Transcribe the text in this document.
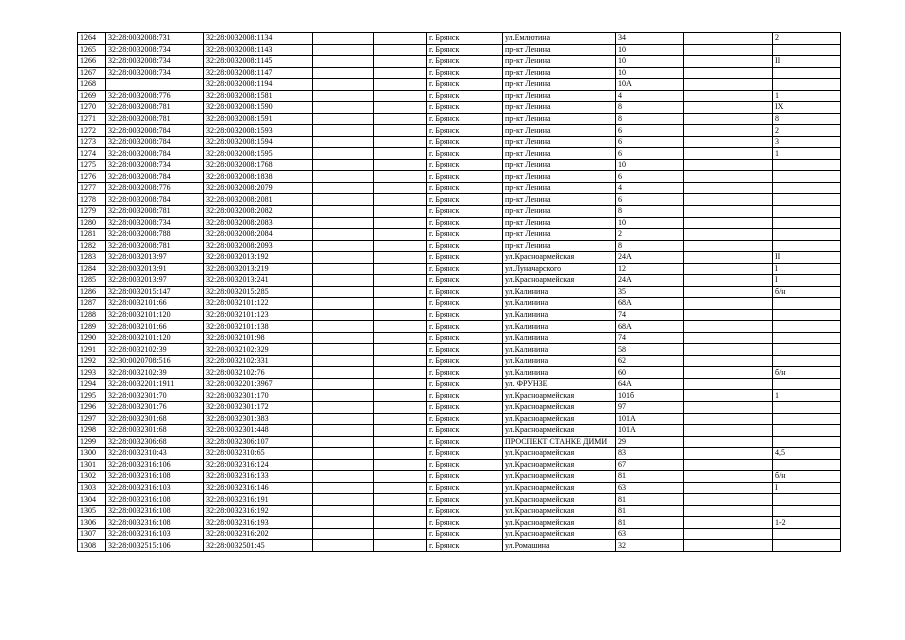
1264	32:28:0032008:731	32:28:0032008:1134			г. Брянск	ул.Емлютина	34		2
1265	32:28:0032008:734	32:28:0032008:1143			г. Брянск	пр-кт Ленина	10		
1266	32:28:0032008:734	32:28:0032008:1145			г. Брянск	пр-кт Ленина	10		II
1267	32:28:0032008:734	32:28:0032008:1147			г. Брянск	пр-кт Ленина	10		
1268		32:28:0032008:1194			г. Брянск	пр-кт Ленина	10А		
1269	32:28:0032008:776	32:28:0032008:1581			г. Брянск	пр-кт Ленина	4		1
1270	32:28:0032008:781	32:28:0032008:1590			г. Брянск	пр-кт Ленина	8		IX
1271	32:28:0032008:781	32:28:0032008:1591			г. Брянск	пр-кт Ленина	8		8
1272	32:28:0032008:784	32:28:0032008:1593			г. Брянск	пр-кт Ленина	6		2
1273	32:28:0032008:784	32:28:0032008:1594			г. Брянск	пр-кт Ленина	6		3
1274	32:28:0032008:784	32:28:0032008:1595			г. Брянск	пр-кт Ленина	6		1
1275	32:28:0032008:734	32:28:0032008:1768			г. Брянск	пр-кт Ленина	10		
1276	32:28:0032008:784	32:28:0032008:1838			г. Брянск	пр-кт Ленина	6		
1277	32:28:0032008:776	32:28:0032008:2079			г. Брянск	пр-кт Ленина	4		
1278	32:28:0032008:784	32:28:0032008:2081			г. Брянск	пр-кт Ленина	6		
1279	32:28:0032008:781	32:28:0032008:2082			г. Брянск	пр-кт Ленина	8		
1280	32:28:0032008:734	32:28:0032008:2083			г. Брянск	пр-кт Ленина	10		
1281	32:28:0032008:788	32:28:0032008:2084			г. Брянск	пр-кт Ленина	2		
1282	32:28:0032008:781	32:28:0032008:2093			г. Брянск	пр-кт Ленина	8		
1283	32:28:0032013:97	32:28:0032013:192			г. Брянск	ул.Красноармейская	24А		II
1284	32:28:0032013:91	32:28:0032013:219			г. Брянск	ул.Луначарского	12		I
1285	32:28:0032013:97	32:28:0032013:241			г. Брянск	ул.Красноармейская	24А		I
1286	32:28:0032015:147	32:28:0032015:285			г. Брянск	ул.Калинина	35		б/н
1287	32:28:0032101:66	32:28:0032101:122			г. Брянск	ул.Калинина	68А		
1288	32:28:0032101:120	32:28:0032101:123			г. Брянск	ул.Калинина	74		
1289	32:28:0032101:66	32:28:0032101:138			г. Брянск	ул.Калинина	68А		
1290	32:28:0032101:120	32:28:0032101:98			г. Брянск	ул.Калинина	74		
1291	32:28:0032102:39	32:28:0032102:329			г. Брянск	ул.Калинина	58		
1292	32:30:0020708:516	32:28:0032102:331			г. Брянск	ул.Калинина	62		
1293	32:28:0032102:39	32:28:0032102:76			г. Брянск	ул.Калинина	60		б/н
1294	32:28:0032201:1911	32:28:0032201:3967			г. Брянск	ул. ФРУНЗЕ	64А		
1295	32:28:0032301:70	32:28:0032301:170			г. Брянск	ул.Красноармейская	101б		1
1296	32:28:0032301:76	32:28:0032301:172			г. Брянск	ул.Красноармейская	97		
1297	32:28:0032301:68	32:28:0032301:383			г. Брянск	ул.Красноармейская	101А		
1298	32:28:0032301:68	32:28:0032301:448			г. Брянск	ул.Красноармейская	101А		
1299	32:28:0032306:68	32:28:0032306:107			г. Брянск	ПРОСПЕКТ СТАНКЕ ДИМИ	29		
1300	32:28:0032310:43	32:28:0032310:65			г. Брянск	ул.Красноармейская	83		4,5
1301	32:28:0032316:106	32:28:0032316:124			г. Брянск	ул.Красноармейская	67		
1302	32:28:0032316:108	32:28:0032316:133			г. Брянск	ул.Красноармейская	81		б/н
1303	32:28:0032316:103	32:28:0032316:146			г. Брянск	ул.Красноармейская	63		I
1304	32:28:0032316:108	32:28:0032316:191			г. Брянск	ул.Красноармейская	81		
1305	32:28:0032316:108	32:28:0032316:192			г. Брянск	ул.Красноармейская	81		
1306	32:28:0032316:108	32:28:0032316:193			г. Брянск	ул.Красноармейская	81		1-2
1307	32:28:0032316:103	32:28:0032316:202			г. Брянск	ул.Красноармейская	63		
1308	32:28:0032515:106	32:28:0032501:45			г. Брянск	ул.Ромашина	32		
